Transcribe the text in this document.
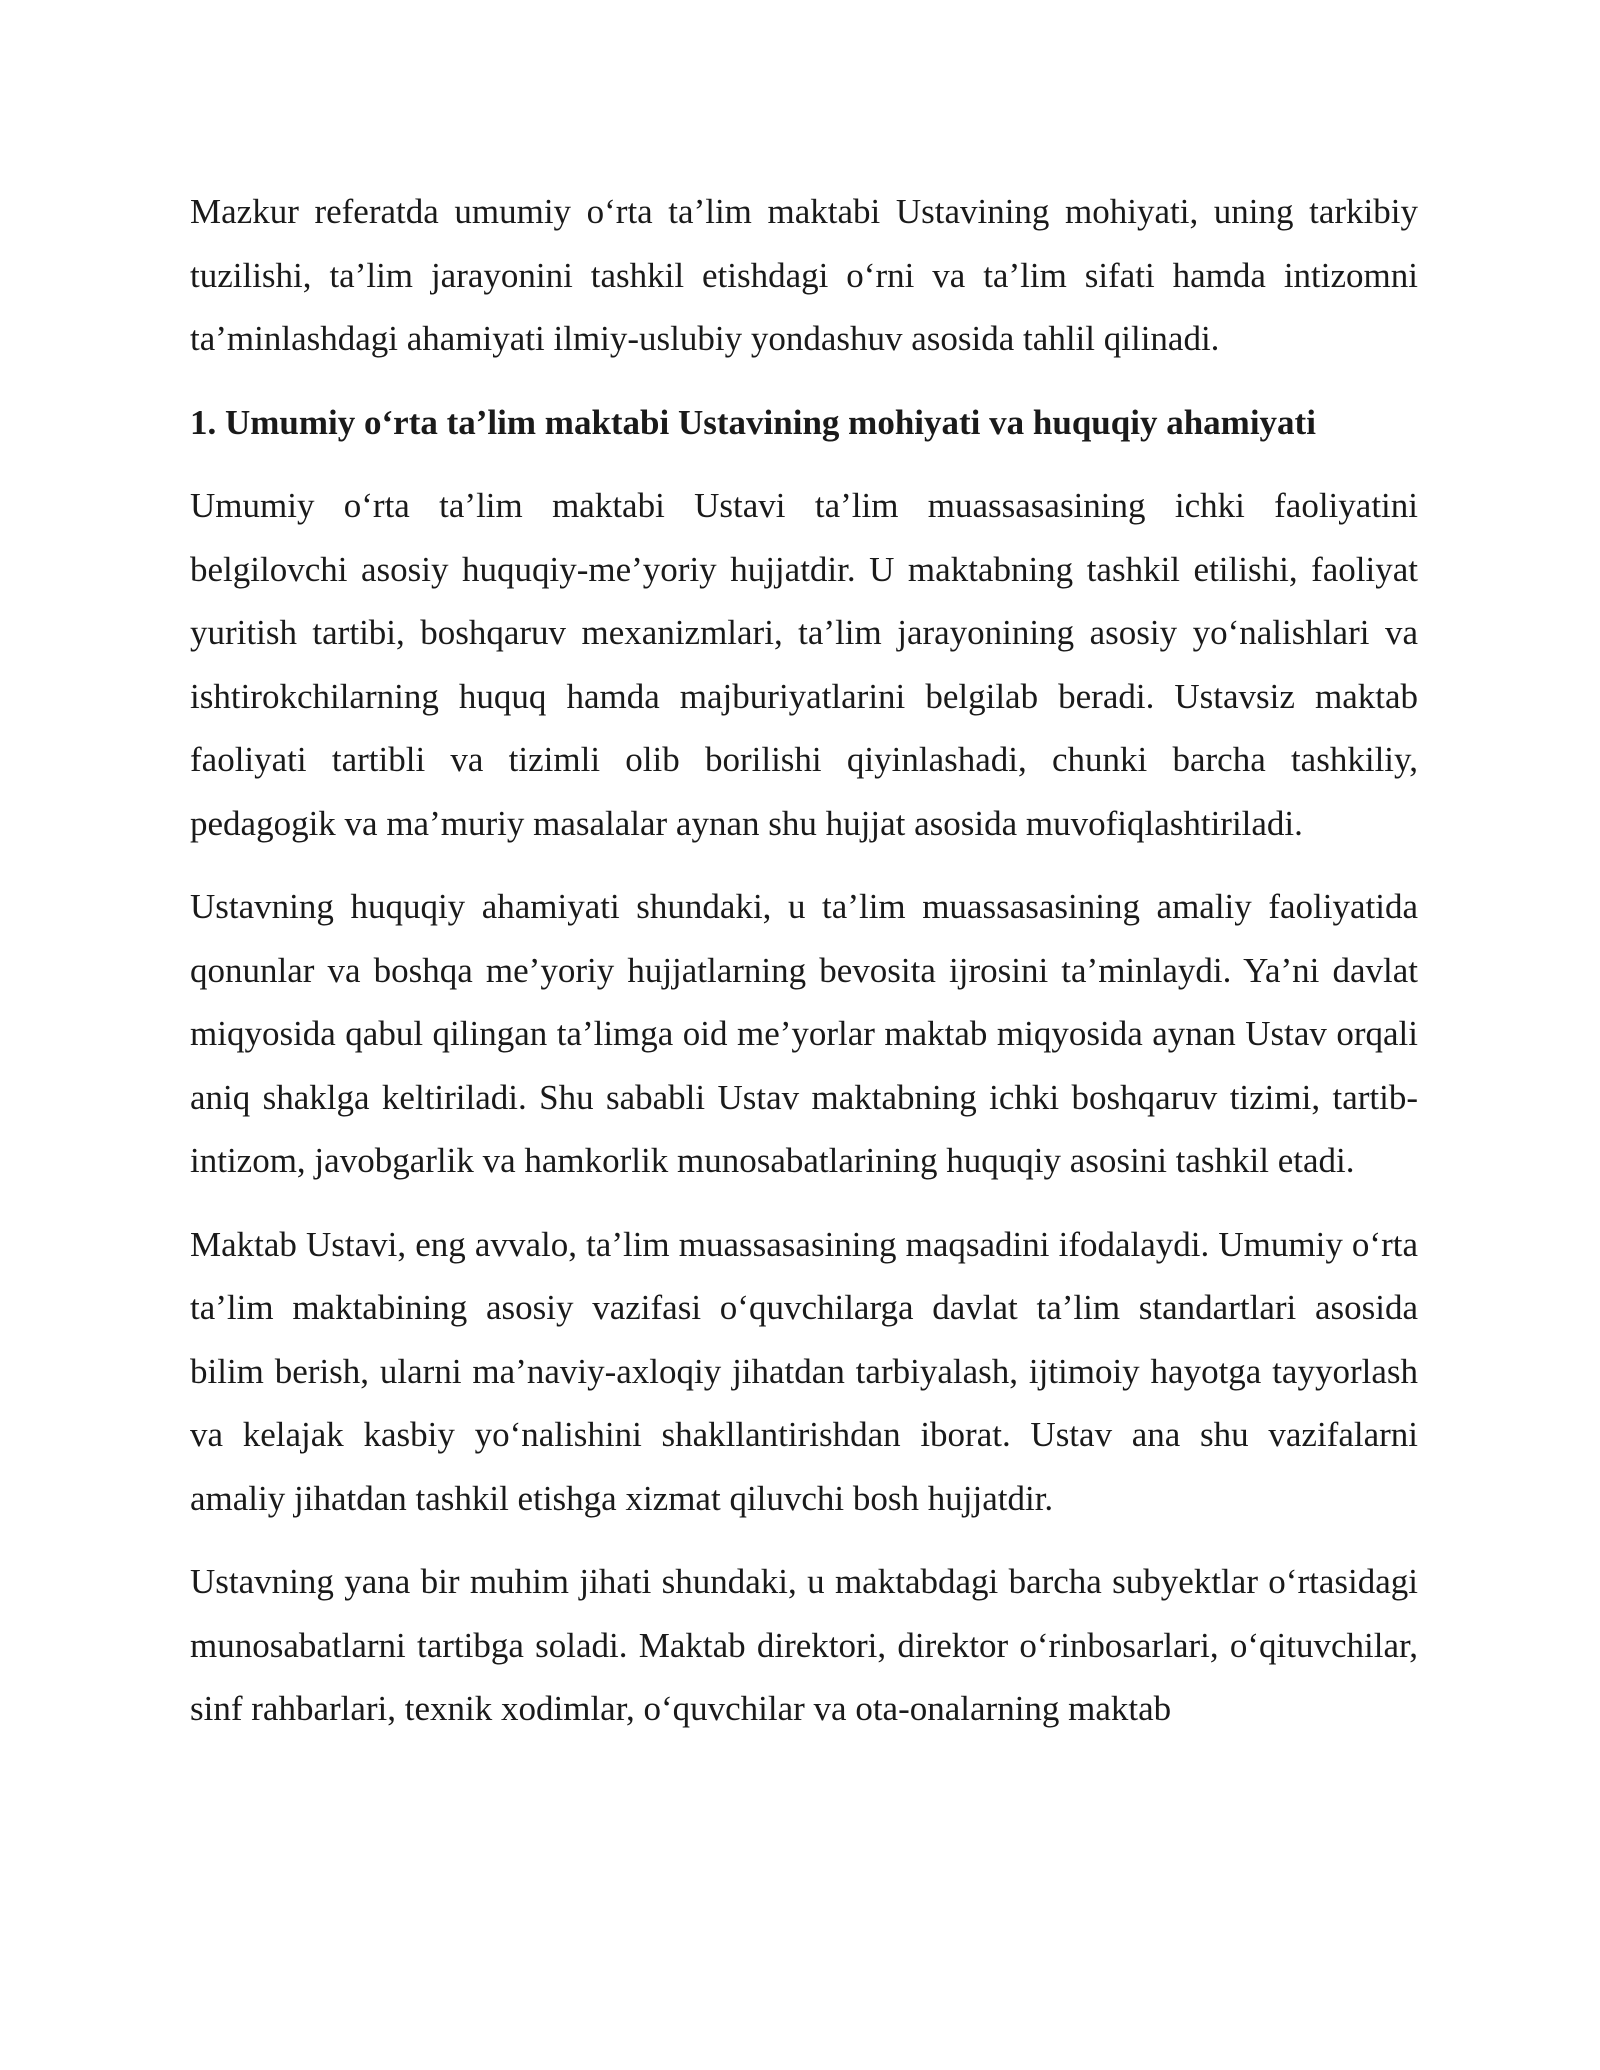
Mazkur referatda umumiy o‘rta ta’lim maktabi Ustavining mohiyati, uning tarkibiy tuzilishi, ta’lim jarayonini tashkil etishdagi o‘rni va ta’lim sifati hamda intizomni ta’minlashdagi ahamiyati ilmiy-uslubiy yondashuv asosida tahlil qilinadi.

1. Umumiy o‘rta ta’lim maktabi Ustavining mohiyati va huquqiy ahamiyati

Umumiy o‘rta ta’lim maktabi Ustavi ta’lim muassasasining ichki faoliyatini belgilovchi asosiy huquqiy-me’yoriy hujjatdir. U maktabning tashkil etilishi, faoliyat yuritish tartibi, boshqaruv mexanizmlari, ta’lim jarayonining asosiy yo‘nalishlari va ishtirokchilarning huquq hamda majburiyatlarini belgilab beradi. Ustavsiz maktab faoliyati tartibli va tizimli olib borilishi qiyinlashadi, chunki barcha tashkiliy, pedagogik va ma’muriy masalalar aynan shu hujjat asosida muvofiqlashtiriladi.

Ustavning huquqiy ahamiyati shundaki, u ta’lim muassasasining amaliy faoliyatida qonunlar va boshqa me’yoriy hujjatlarning bevosita ijrosini ta’minlaydi. Ya’ni davlat miqyosida qabul qilingan ta’limga oid me’yorlar maktab miqyosida aynan Ustav orqali aniq shaklga keltiriladi. Shu sababli Ustav maktabning ichki boshqaruv tizimi, tartib-intizom, javobgarlik va hamkorlik munosabatlarining huquqiy asosini tashkil etadi.

Maktab Ustavi, eng avvalo, ta’lim muassasasining maqsadini ifodalaydi. Umumiy o‘rta ta’lim maktabining asosiy vazifasi o‘quvchilarga davlat ta’lim standartlari asosida bilim berish, ularni ma’naviy-axloqiy jihatdan tarbiyalash, ijtimoiy hayotga tayyorlash va kelajak kasbiy yo‘nalishini shakllantirishdan iborat. Ustav ana shu vazifalarni amaliy jihatdan tashkil etishga xizmat qiluvchi bosh hujjatdir.

Ustavning yana bir muhim jihati shundaki, u maktabdagi barcha subyektlar o‘rtasidagi munosabatlarni tartibga soladi. Maktab direktori, direktor o‘rinbosarlari, o‘qituvchilar, sinf rahbarlari, texnik xodimlar, o‘quvchilar va ota-onalarning maktab
